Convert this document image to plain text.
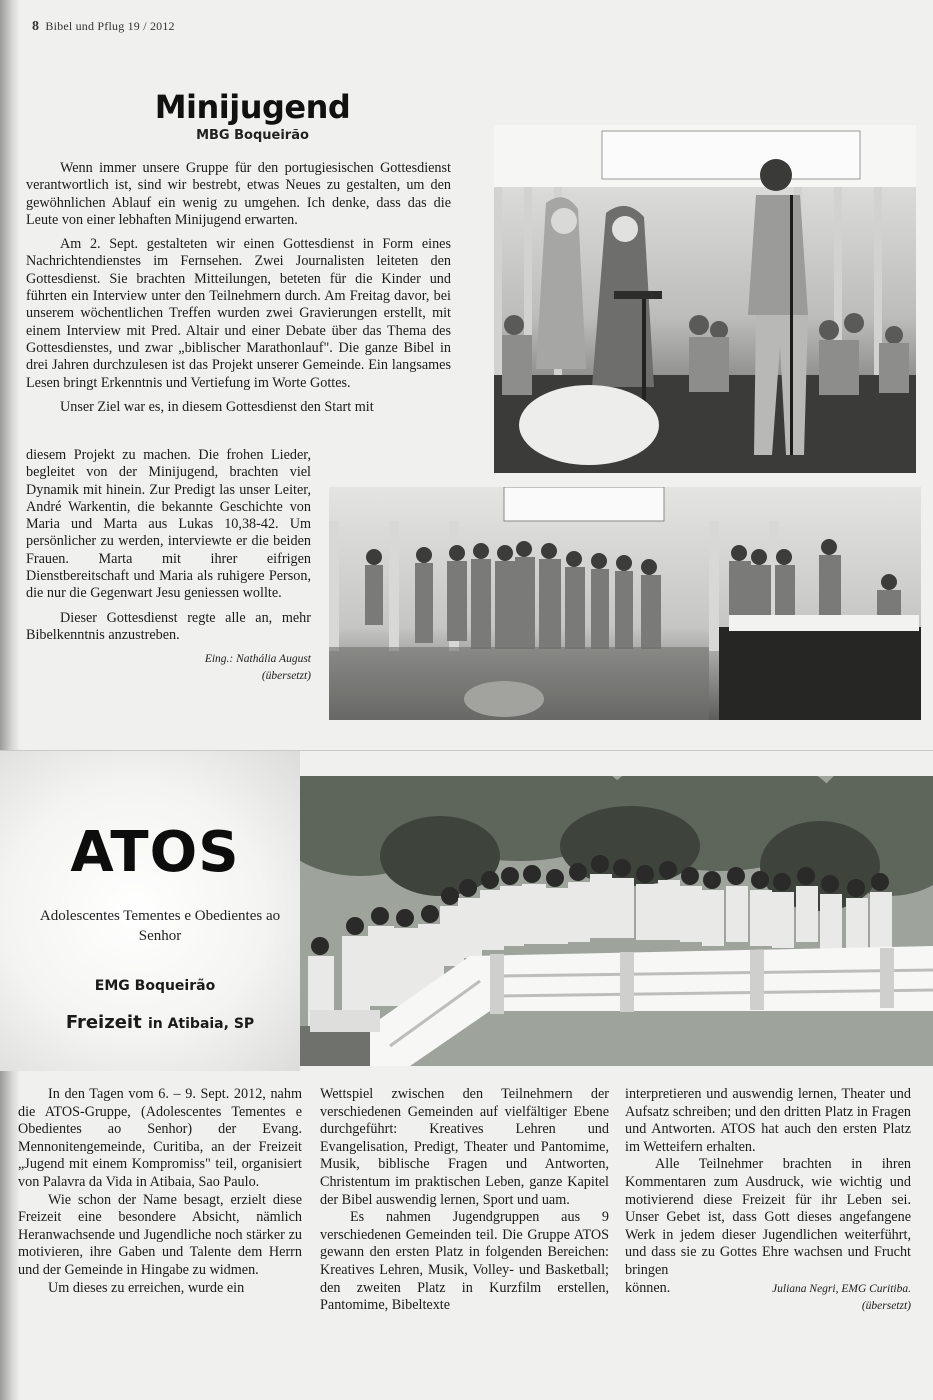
8 Bibel und Pflug 19 / 2012
Minijugend
MBG Boqueirão

Wenn immer unsere Gruppe für den portugiesischen Gottesdienst verantwortlich ist, sind wir bestrebt, etwas Neues zu gestalten, um den gewöhnlichen Ablauf ein wenig zu umgehen. Ich denke, dass das die Leute von einer lebhaften Minijugend erwarten.

Am 2. Sept. gestalteten wir einen Gottesdienst in Form eines Nachrichtendienstes im Fernsehen. Zwei Journalisten leiteten den Gottesdienst. Sie brachten Mitteilungen, beteten für die Kinder und führten ein Interview unter den Teilnehmern durch. Am Freitag davor, bei unserem wöchentlichen Treffen wurden zwei Gravierungen erstellt, mit einem Interview mit Pred. Altair und einer Debate über das Thema des Gottesdienstes, und zwar „biblischer Marathonlauf". Die ganze Bibel in drei Jahren durchzulesen ist das Projekt unserer Gemeinde. Ein langsames Lesen bringt Erkenntnis und Vertiefung im Worte Gottes.

Unser Ziel war es, in diesem Gottesdienst den Start mit

diesem Projekt zu machen. Die frohen Lieder, begleitet von der Minijugend, brachten viel Dynamik mit hinein. Zur Predigt las unser Leiter, André Warkentin, die bekannte Geschichte von Maria und Marta aus Lukas 10,38-42. Um persönlicher zu werden, interviewte er die beiden Frauen. Marta mit ihrer eifrigen Dienstbereitschaft und Maria als ruhigere Person, die nur die Gegenwart Jesu geniessen wollte.

Dieser Gottesdienst regte alle an, mehr Bibelkenntnis anzustreben.

Eing.: Nathália August
(übersetzt)
ATOS
Adolescentes Tementes e Obedientes ao Senhor
EMG Boqueirão
Freizeit in Atibaia, SP

In den Tagen vom 6. – 9. Sept. 2012, nahm die ATOS-Gruppe, (Adolescentes Tementes e Obedientes ao Senhor) der Evang. Mennonitengemeinde, Curitiba, an der Freizeit „Jugend mit einem Kompromiss" teil, organisiert von Palavra da Vida in Atibaia, Sao Paulo.

Wie schon der Name besagt, erzielt diese Freizeit eine besondere Absicht, nämlich Heranwachsende und Jugendliche noch stärker zu motivieren, ihre Gaben und Talente dem Herrn und der Gemeinde in Hingabe zu widmen.

Um dieses zu erreichen, wurde ein

Wettspiel zwischen den Teilnehmern der verschiedenen Gemeinden auf vielfältiger Ebene durchgeführt: Kreatives Lehren und Evangelisation, Predigt, Theater und Pantomime, Musik, biblische Fragen und Antworten, Christentum im praktischen Leben, ganze Kapitel der Bibel auswendig lernen, Sport und uam.

Es nahmen Jugendgruppen aus 9 verschiedenen Gemeinden teil. Die Gruppe ATOS gewann den ersten Platz in folgenden Bereichen: Kreatives Lehren, Musik, Volley- und Basketball; den zweiten Platz in Kurzfilm erstellen, Pantomime, Bibeltexte

interpretieren und auswendig lernen, Theater und Aufsatz schreiben; und den dritten Platz in Fragen und Antworten. ATOS hat auch den ersten Platz im Wetteifern erhalten.

Alle Teilnehmer brachten in ihren Kommentaren zum Ausdruck, wie wichtig und motivierend diese Freizeit für ihr Leben sei. Unser Gebet ist, dass Gott dieses angefangene Werk in jedem dieser Jugendlichen weiterführt, und dass sie zu Gottes Ehre wachsen und Frucht bringen

können.	Juliana Negri, EMG Curitiba.
(übersetzt)
